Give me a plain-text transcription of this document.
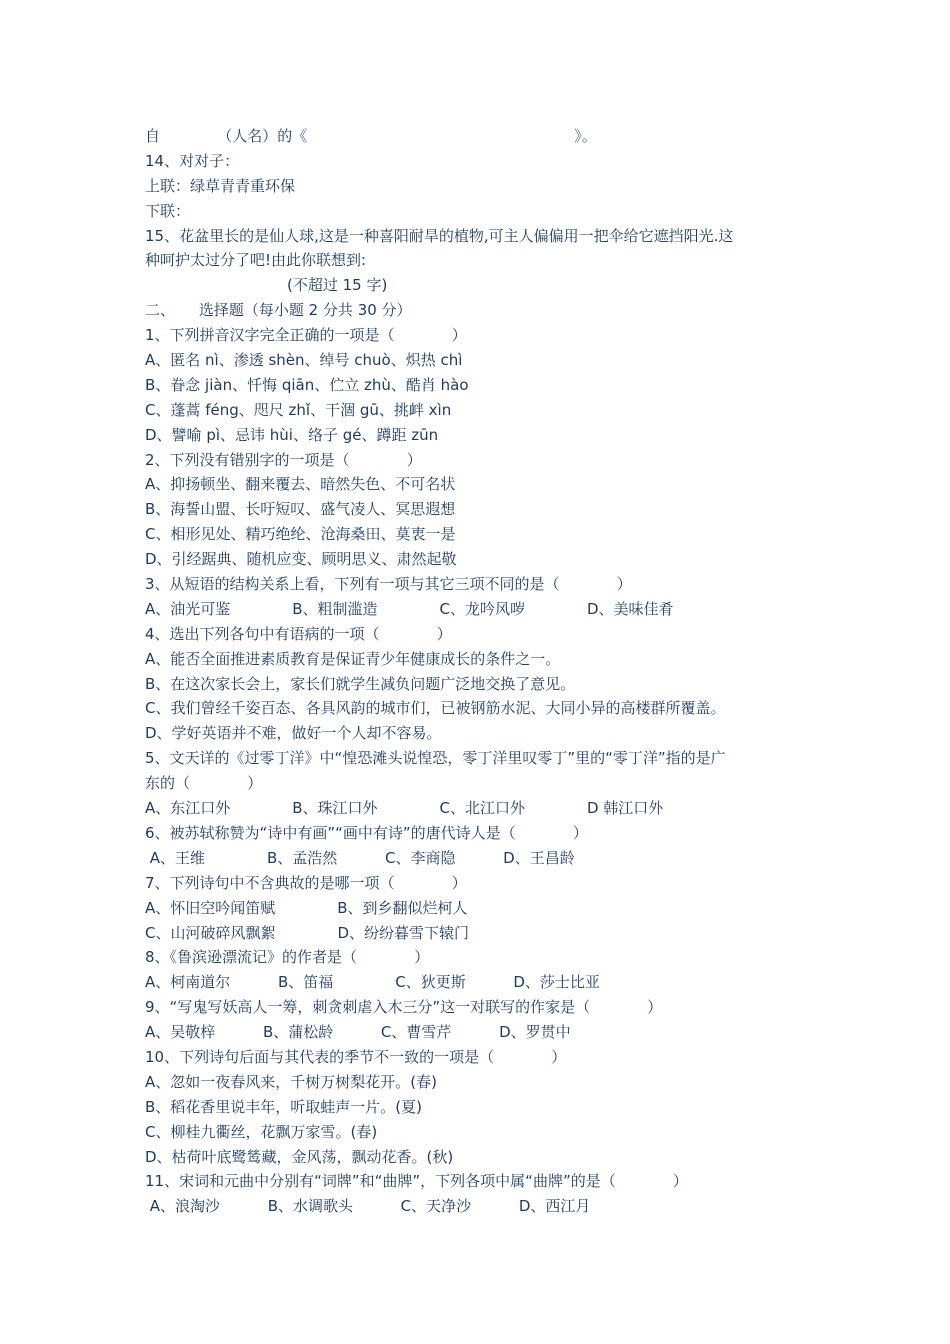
自            （人名）的《                                                        》。
14、对对子：
上联：绿草青青重环保
下联：
15、花盆里长的是仙人球,这是一种喜阳耐旱的植物,可主人偏偏用一把伞给它遮挡阳光.这
种呵护太过分了吧!由此你联想到:
(不超过 15 字)
二、     选择题（每小题 2 分共 30 分）
1、下列拼音汉字完全正确的一项是（            ）
A、匿名 nì、渗透 shèn、绰号 chuò、炽热 chì
B、眷念 jiàn、忏悔 qiān、伫立 zhù、酷肖 hào
C、蓬蒿 féng、咫尺 zhǐ、干涸 gū、挑衅 xìn
D、譬喻 pì、忌讳 hùi、络子 gé、蹲距 zūn
2、下列没有错别字的一项是（            ）
A、抑扬顿坐、翻来覆去、暗然失色、不可名状
B、海誓山盟、长吁短叹、盛气凌人、冥思遐想
C、相形见处、精巧绝纶、沧海桑田、莫衷一是
D、引经踞典、随机应变、顾明思义、肃然起敬
3、从短语的结构关系上看，下列有一项与其它三项不同的是（            ）
A、油光可鉴             B、粗制滥造             C、龙吟风哕             D、美味佳肴
4、选出下列各句中有语病的一项（            ）
A、能否全面推进素质教育是保证青少年健康成长的条件之一。
B、在这次家长会上，家长们就学生减负问题广泛地交换了意见。
C、我们曾经千姿百态、各具风韵的城市们，已被钢筋水泥、大同小异的高楼群所覆盖。
D、学好英语并不难，做好一个人却不容易。
5、文天详的《过零丁洋》中“惶恐滩头说惶恐，零丁洋里叹零丁”里的“零丁洋”指的是广
东的（            ）
A、东江口外             B、珠江口外             C、北江口外             D 韩江口外
6、被苏轼称赞为“诗中有画”“画中有诗”的唐代诗人是（            ）
A、王维             B、孟浩然          C、李商隐          D、王昌龄
7、下列诗句中不含典故的是哪一项（            ）
A、怀旧空吟闻笛赋             B、到乡翻似烂柯人
C、山河破碎风飘絮             D、纷纷暮雪下辕门
8、《鲁滨逊漂流记》的作者是（            ）
A、柯南道尔          B、笛福             C、狄更斯          D、莎士比亚
9、“写鬼写妖高人一筹，刺贪刺虐入木三分”这一对联写的作家是（            ）
A、吴敬梓          B、蒲松龄          C、曹雪芹          D、罗贯中
10、下列诗句后面与其代表的季节不一致的一项是（            ）
A、忽如一夜春风来，千树万树梨花开。(春)
B、稻花香里说丰年，听取蛙声一片。(夏)
C、柳桂九衢丝，花飘万家雪。(春)
D、枯荷叶底鹭鸶藏，金风荡，飘动花香。(秋)
11、宋词和元曲中分别有“词牌”和“曲牌”，下列各项中属“曲牌”的是（            ）
A、浪淘沙          B、水调歌头          C、天净沙          D、西江月
